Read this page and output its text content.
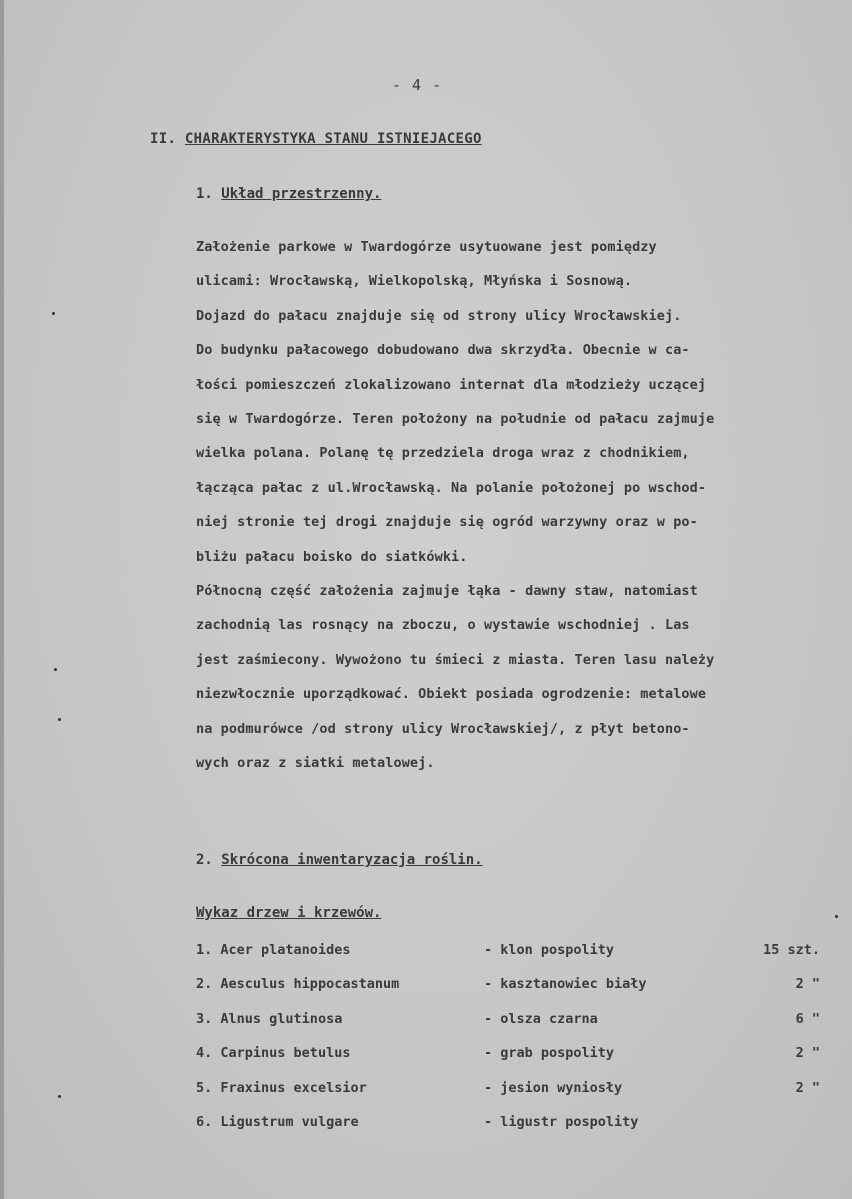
- 4 -
II. CHARAKTERYSTYKA STANU ISTNIEJACEGO
1. Układ przestrzenny.
Założenie parkowe w Twardogórze usytuowane jest pomiędzy
ulicami: Wrocławską, Wielkopolską, Młyńska i Sosnową.
Dojazd do pałacu znajduje się od strony ulicy Wrocławskiej.
Do budynku pałacowego dobudowano dwa skrzydła. Obecnie w ca-
łości pomieszczeń zlokalizowano internat dla młodzieży uczącej
się w Twardogórze. Teren położony na południe od pałacu zajmuje
wielka polana. Polanę tę przedziela droga wraz z chodnikiem,
łącząca pałac z ul.Wrocławską. Na polanie położonej po wschod-
niej stronie tej drogi znajduje się ogród warzywny oraz w po-
bliżu pałacu boisko do siatkówki.
Północną część założenia zajmuje łąka - dawny staw, natomiast
zachodnią las rosnący na zboczu, o wystawie wschodniej . Las
jest zaśmiecony. Wywożono tu śmieci z miasta. Teren lasu należy
niezwłocznie uporządkować. Obiekt posiada ogrodzenie: metalowe
na podmurówce /od strony ulicy Wrocławskiej/, z płyt betono-
wych oraz z siatki metalowej.
2. Skrócona inwentaryzacja roślin.
Wykaz drzew i krzewów.
1. Acer platanoides	- klon pospolity	15 szt.
2. Aesculus hippocastanum	- kasztanowiec biały	2 "
3. Alnus glutinosa	- olsza czarna	6 "
4. Carpinus betulus	- grab pospolity	2 "
5. Fraxinus excelsior	- jesion wyniosły	2 "
6. Ligustrum vulgare	- ligustr pospolity
